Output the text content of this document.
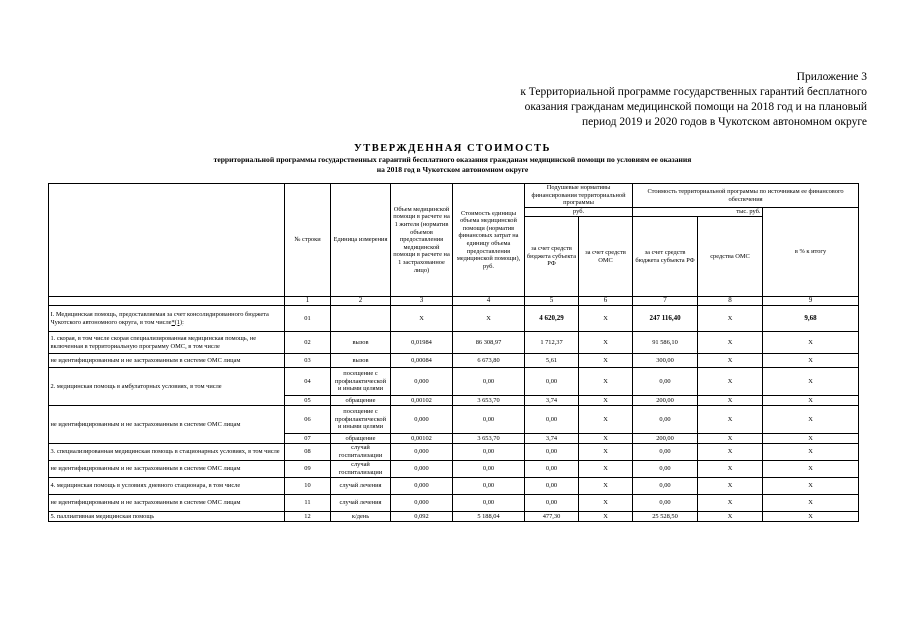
Приложение 3
к Территориальной программе государственных гарантий бесплатного
оказания гражданам медицинской помощи на 2018 год и на плановый
период 2019 и 2020 годов в Чукотском автономном округе
УТВЕРЖДЕННАЯ СТОИМОСТЬ
территориальной программы государственных гарантий бесплатного оказания гражданам медицинской помощи по условиям ее оказания
на 2018 год в Чукотском автономном округе
	№ строки	Единица измерения	Объем медицинской помощи в расчете на 1 жителя (норматив объемов предоставления медицинской помощи в расчете на 1 застрахованное лицо)	Стоимость единицы объема медицинской помощи (норматив финансовых затрат на единицу объема предоставления медицинской помощи), руб.	Подушевые нормативы финансирования территориальной программы		Стоимость территориальной программы по источникам ее финансового обеспечения		
					руб.		тыс. руб.		в % к итогу
					за счет средств бюджета субъекта РФ	за счет средств ОМС	за счет средств бюджета субъекта РФ	средства ОМС	
	1	2	3	4	5	6	7	8	9
I. Медицинская помощь, предоставляемая за счет консолидированного бюджета Чукотского автономного округа, в том числе*(1):	01		X	X	4 620,29	X	247 116,40	X	9,68
1. скорая, в том числе скорая специализированная медицинская помощь, не включенная в территориальную программу ОМС, в том числе	02	вызов	0,01984	86 308,97	1 712,37	X	91 586,10	X	X
не идентифицированным и не застрахованным в системе ОМС лицам	03	вызов	0,00084	6 673,80	5,61	X	300,00	X	X
2. медицинская помощь в амбулаторных условиях, в том числе	04	посещение с профилактической и иными целями	0,000	0,00	0,00	X	0,00	X	X
	05	обращение	0,00102	3 653,70	3,74	X	200,00	X	X
не идентифицированным и не застрахованным в системе ОМС лицам	06	посещение с профилактической и иными целями	0,000	0,00	0,00	X	0,00	X	X
	07	обращение	0,00102	3 653,70	3,74	X	200,00	X	X
3. специализированная медицинская помощь в стационарных условиях, в том числе	08	случай госпитализации	0,000	0,00	0,00	X	0,00	X	X
не идентифицированным и не застрахованным в системе ОМС лицам	09	случай госпитализации	0,000	0,00	0,00	X	0,00	X	X
4. медицинская помощь в условиях дневного стационара, в том числе	10	случай лечения	0,000	0,00	0,00	X	0,00	X	X
не идентифицированным и не застрахованным в системе ОМС лицам	11	случай лечения	0,000	0,00	0,00	X	0,00	X	X
5. паллиативная медицинская помощь	12	к/день	0,092	5 188,04	477,30	X	25 528,50	X	X
